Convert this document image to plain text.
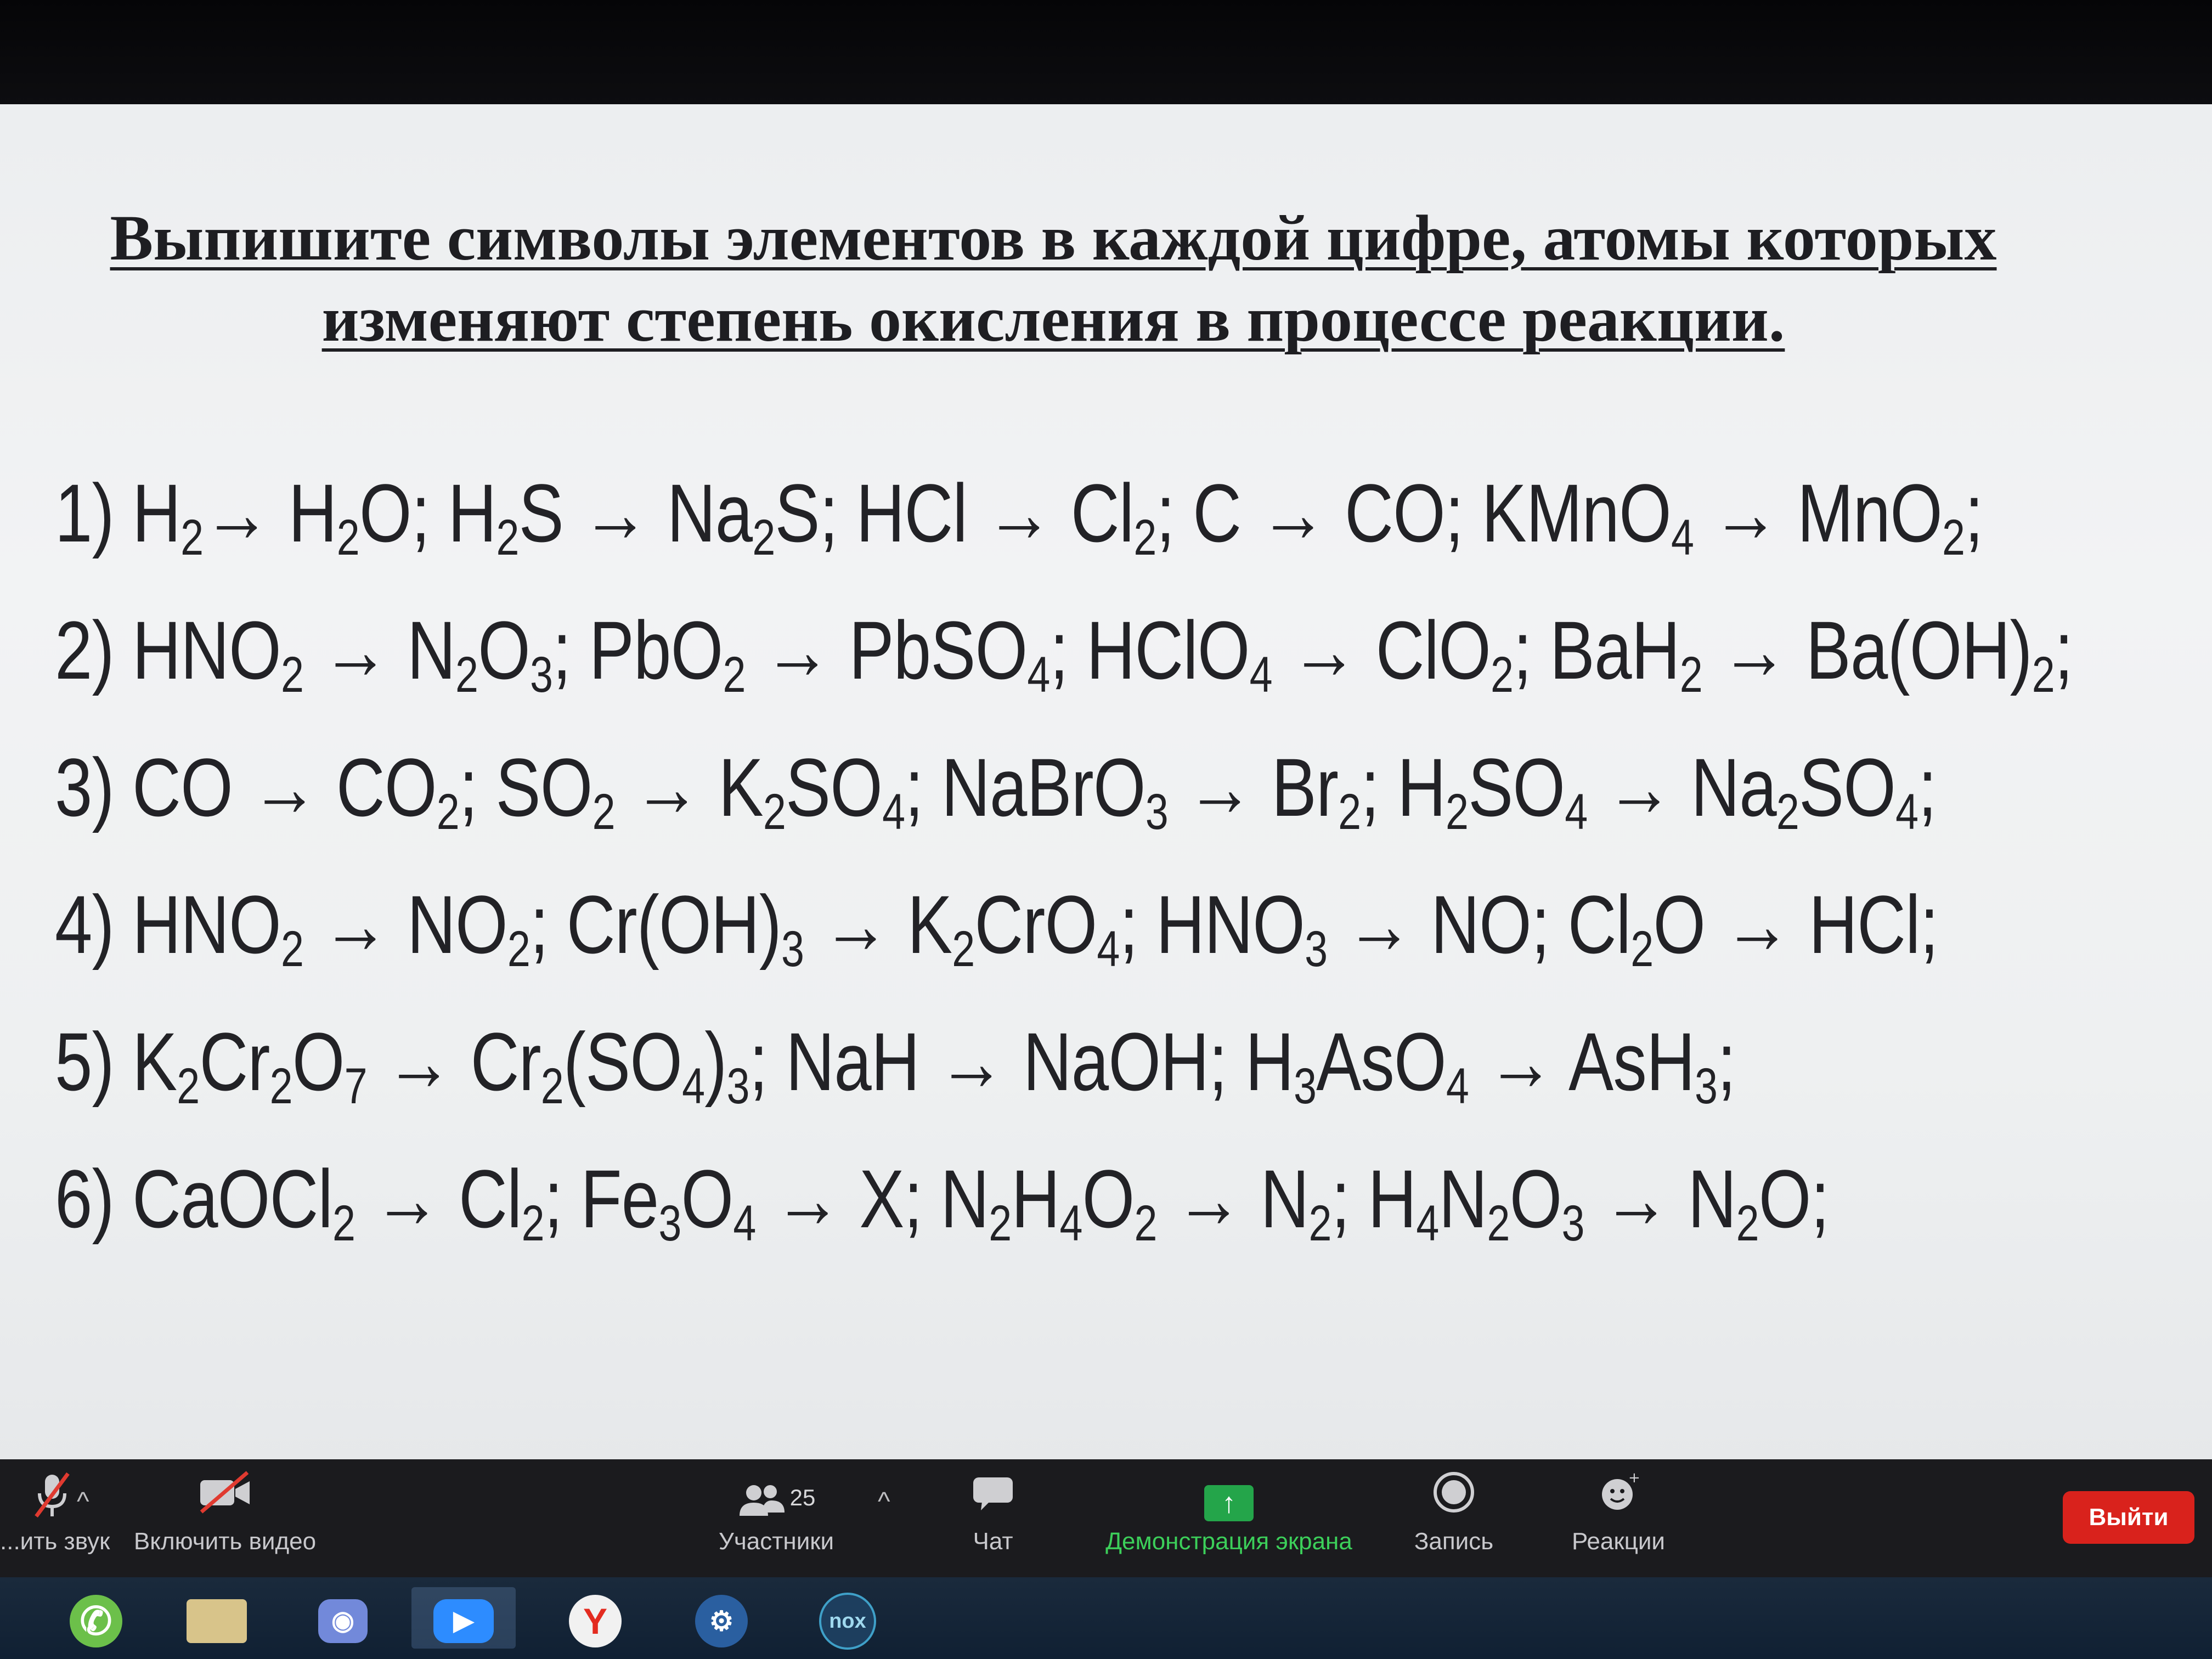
Выпишите символы элементов в каждой цифре, атомы которых
изменяют степень окисления в процессе реакции.
1) $H_2\to H_2O$; $H_2S \to Na_2S$; HCl → $Cl_2$; C → CO; KMnO$_4$ → MnO$_2$;
2) $HNO_2 \to N_2O_3$; PbO$_2$ → PbSO$_4$; HClO$_4$ → ClO$_2$; $BaH_2 \to Ba(OH)_2$;
3) CO → $CO_2$; $SO_2 \to K_2SO_4$; NaBrO$_3$ → $Br_2$; $H_2SO_4 \to Na_2SO_4$;
4) $HNO_2 \to NO_2$; $Cr(OH)_3 \to K_2CrO_4$; $HNO_3$ → NO; $Cl_2O$ → HCl;
5) $K_2Cr_2O_7 \to Cr_2(SO_4)_3$; NaH → NaOH; $H_3AsO_4 \to AsH_3$;
6) CaOCl$_2$ → $Cl_2$; $Fe_3O_4 \to X$; $N_2H_4O_2 \to N_2$; $H_4N_2O_3 \to N_2O$;
...ить звук
^
Включить видео
$^{25}$
Участники
^
Чат
↑
Демонстрация экрана	Запись
+
Реакции
Выйти
✆	◉	▶	Y	⚙	nox
